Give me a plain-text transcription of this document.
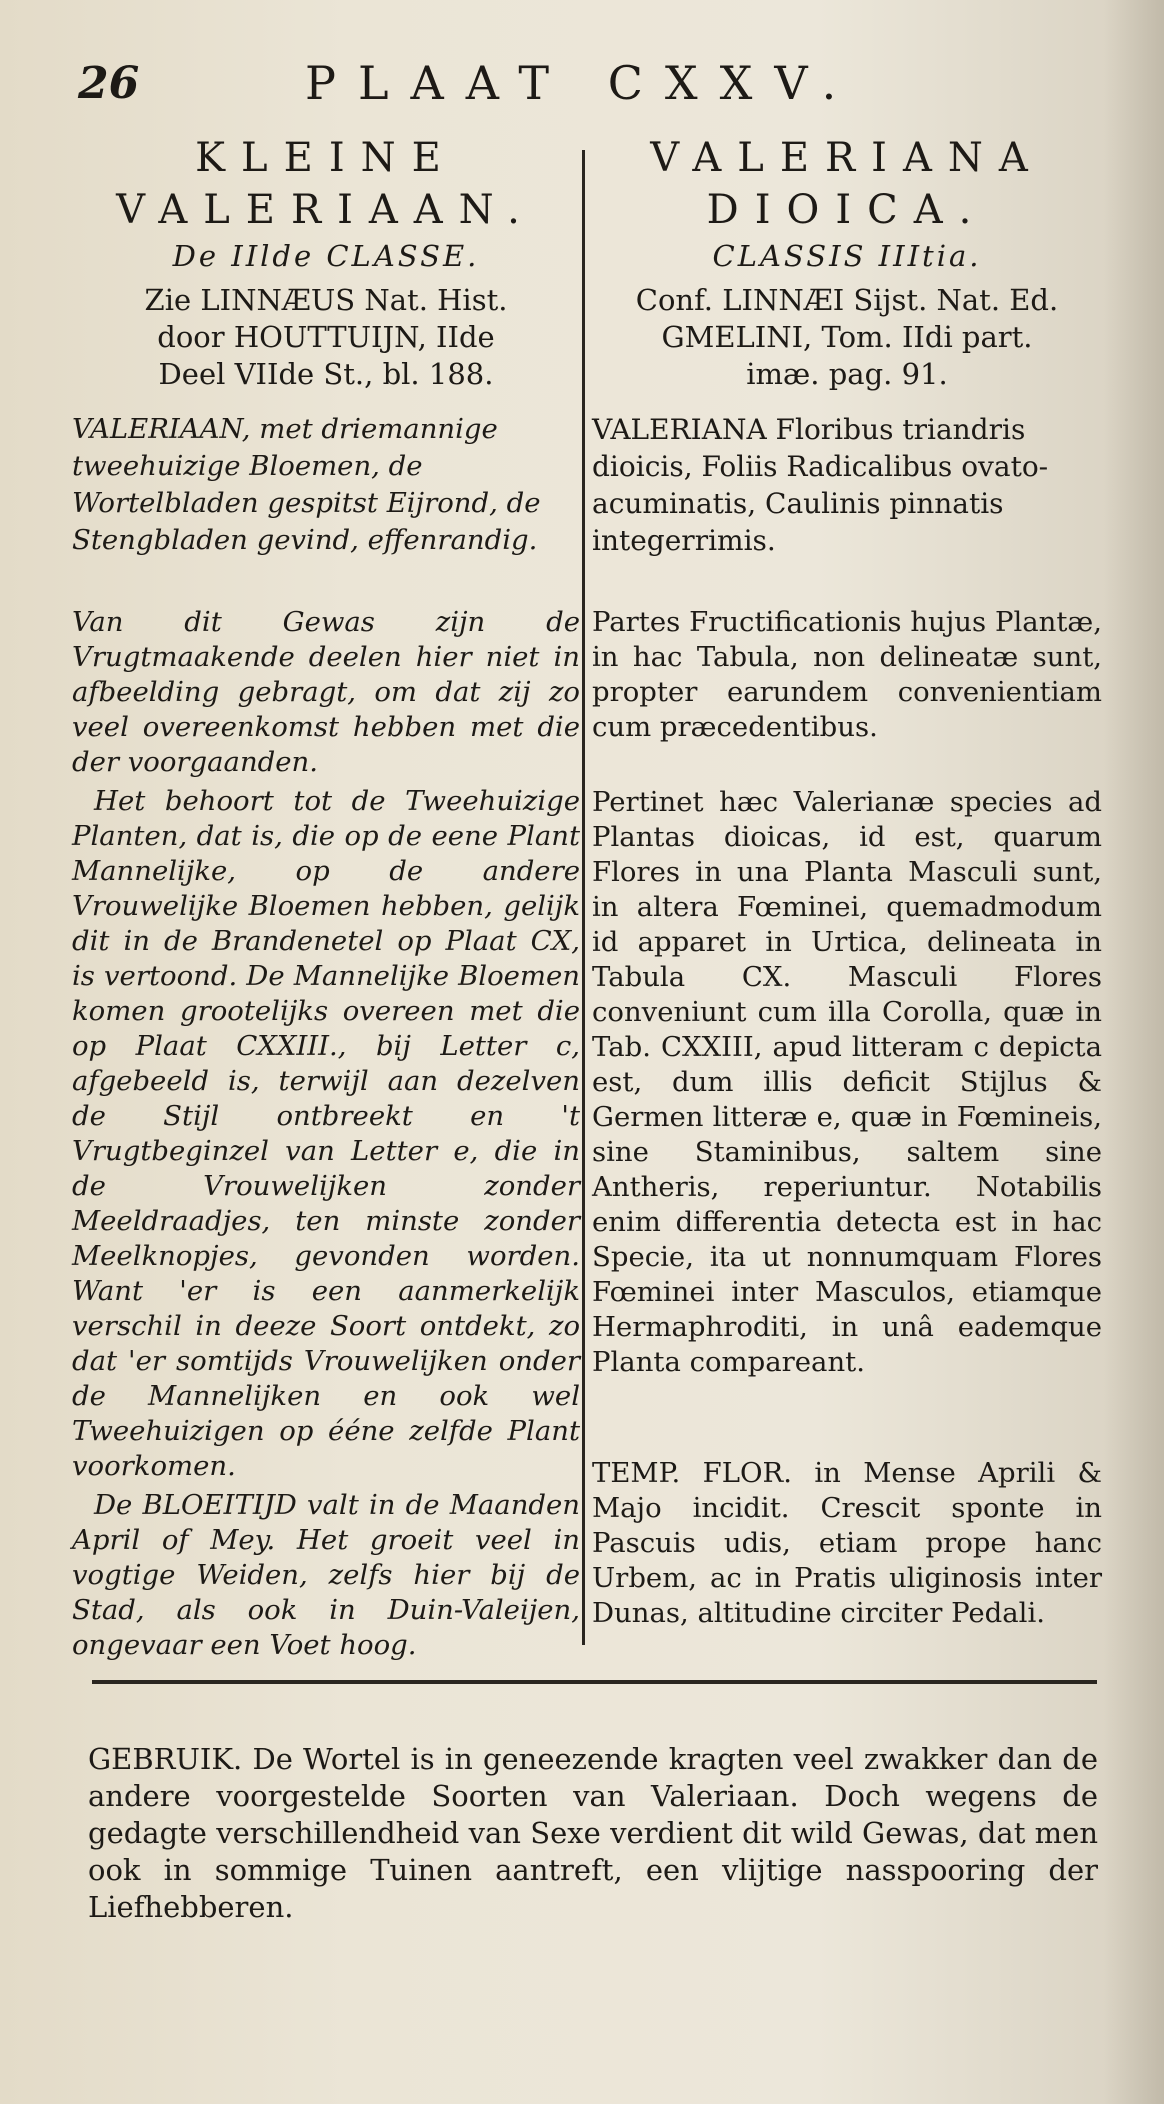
26	PLAAT CXXV.

KLEINE

VALERIAAN.

De IIlde CLASSE.

Zie LINNÆUS Nat. Hist.

door HOUTTUIJN, IIde

Deel VIIde St., bl. 188.

VALERIAAN, met driemannige tweehuizige Bloemen, de Wortelbladen gespitst Eijrond, de Stengbladen gevind, effenrandig.

Van dit Gewas zijn de Vrugtmaakende deelen hier niet in afbeelding gebragt, om dat zij zo veel overeenkomst hebben met die der voorgaanden.

Het behoort tot de Tweehuizige Planten, dat is, die op de eene Plant Mannelijke, op de andere Vrouwelijke Bloemen hebben, gelijk dit in de Brandenetel op Plaat CX, is vertoond. De Mannelijke Bloemen komen grootelijks overeen met die op Plaat CXXIII., bij Letter c, afgebeeld is, terwijl aan dezelven de Stijl ontbreekt en 't Vrugtbeginzel van Letter e, die in de Vrouwelijken zonder Meeldraadjes, ten minste zonder Meelknopjes, gevonden worden. Want 'er is een aanmerkelijk verschil in deeze Soort ontdekt, zo dat 'er somtijds Vrouwelijken onder de Mannelijken en ook wel Tweehuizigen op ééne zelfde Plant voorkomen.

De BLOEITIJD valt in de Maanden April of Mey. Het groeit veel in vogtige Weiden, zelfs hier bij de Stad, als ook in Duin-Valeijen, ongevaar een Voet hoog.

VALERIANA

DIOICA.

CLASSIS IIItia.

Conf. LINNÆI Sijst. Nat. Ed.

GMELINI, Tom. IIdi part.

imæ. pag. 91.

VALERIANA Floribus triandris dioicis, Foliis Radicalibus ovato-acuminatis, Caulinis pinnatis integerrimis.

Partes Fructificationis hujus Plantæ, in hac Tabula, non delineatæ sunt, propter earundem convenientiam cum præcedentibus.

Pertinet hæc Valerianæ species ad Plantas dioicas, id est, quarum Flores in una Planta Masculi sunt, in altera Fœminei, quemadmodum id apparet in Urtica, delineata in Tabula CX. Masculi Flores conveniunt cum illa Corolla, quæ in Tab. CXXIII, apud litteram c depicta est, dum illis deficit Stijlus & Germen litteræ e, quæ in Fœmineis, sine Staminibus, saltem sine Antheris, reperiuntur. Notabilis enim differentia detecta est in hac Specie, ita ut nonnumquam Flores Fœminei inter Masculos, etiamque Hermaphroditi, in unâ eademque Planta compareant.

TEMP. FLOR. in Mense Aprili & Majo incidit. Crescit sponte in Pascuis udis, etiam prope hanc Urbem, ac in Pratis uliginosis inter Dunas, altitudine circiter Pedali.

GEBRUIK. De Wortel is in geneezende kragten veel zwakker dan de andere voorgestelde Soorten van Valeriaan. Doch wegens de gedagte verschillendheid van Sexe verdient dit wild Gewas, dat men ook in sommige Tuinen aantreft, een vlijtige nasspooring der Liefhebberen.
